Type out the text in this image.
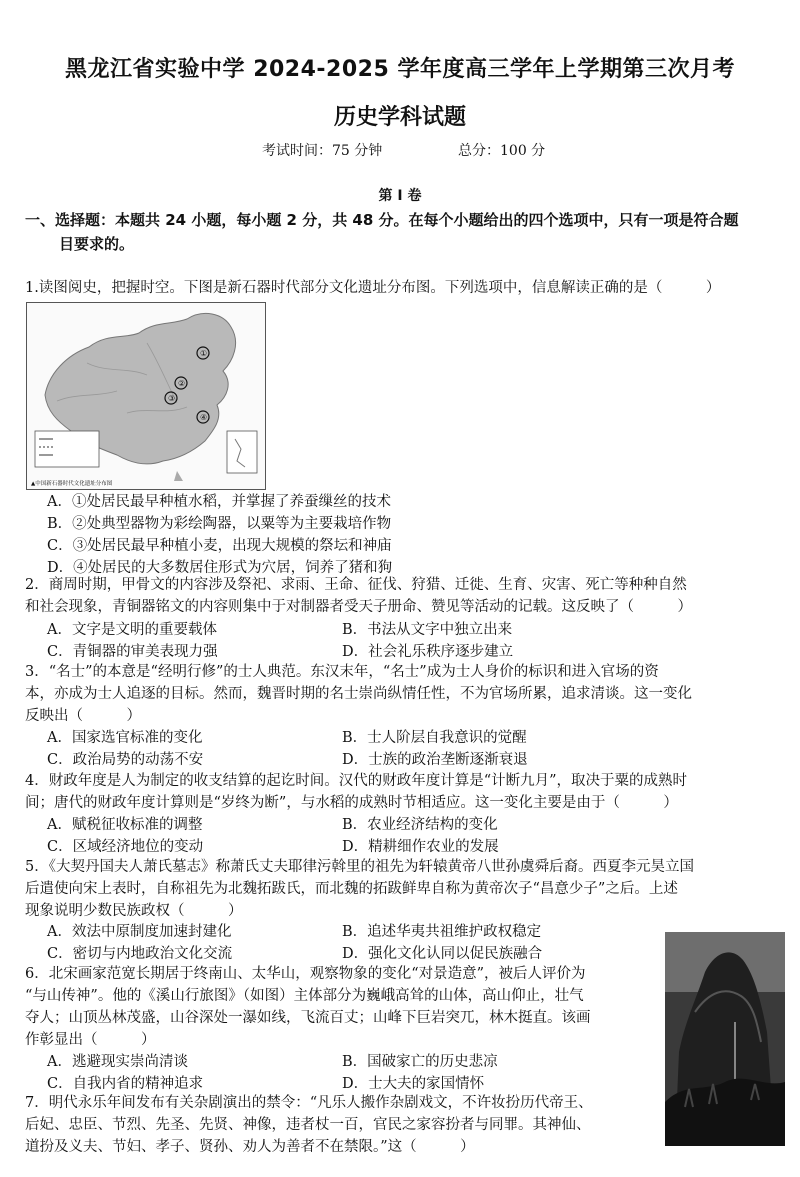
黑龙江省实验中学 2024-2025 学年度高三学年上学期第三次月考
历史学科试题
考试时间：75 分钟	总分：100 分
第 Ⅰ 卷
一、选择题：本题共 24 小题，每小题 2 分，共 48 分。在每个小题给出的四个选项中，只有一项是符合题
目要求的。
1.读图阅史，把握时空。下图是新石器时代部分文化遗址分布图。下列选项中，信息解读正确的是（　　　）
①
②
③
④
▲中国新石器时代文化遗址分布图
A．①处居民最早种植水稻，并掌握了养蚕缫丝的技术
B．②处典型器物为彩绘陶器，以粟等为主要栽培作物
C．③处居民最早种植小麦，出现大规模的祭坛和神庙
D．④处居民的大多数居住形式为穴居，饲养了猪和狗
2．商周时期，甲骨文的内容涉及祭祀、求雨、王命、征伐、狩猎、迁徙、生育、灾害、死亡等种种自然
和社会现象，青铜器铭文的内容则集中于对制器者受天子册命、赞见等活动的记载。这反映了（　　　）
A．文字是文明的重要载体	B．书法从文字中独立出来
C．青铜器的审美表现力强	D．社会礼乐秩序逐步建立
3．“名士”的本意是“经明行修”的士人典范。东汉末年，“名士”成为士人身价的标识和进入官场的资
本，亦成为士人追逐的目标。然而，魏晋时期的名士崇尚纵情任性，不为官场所累，追求清谈。这一变化
反映出（　　　）
A．国家选官标准的变化	B．士人阶层自我意识的觉醒
C．政治局势的动荡不安	D．士族的政治垄断逐渐衰退
4．财政年度是人为制定的收支结算的起讫时间。汉代的财政年度计算是“计断九月”，取决于粟的成熟时
间；唐代的财政年度计算则是“岁终为断”，与水稻的成熟时节相适应。这一变化主要是由于（　　　）
A．赋税征收标准的调整	B．农业经济结构的变化
C．区域经济地位的变动	D．精耕细作农业的发展
5．《大契丹国夫人萧氏墓志》称萧氏丈夫耶律污斡里的祖先为轩辕黄帝八世孙虞舜后裔。西夏李元昊立国
后遣使向宋上表时，自称祖先为北魏拓跋氏，而北魏的拓跋鲜卑自称为黄帝次子“昌意少子”之后。上述
现象说明少数民族政权（　　　）
A．效法中原制度加速封建化	B．追述华夷共祖维护政权稳定
C．密切与内地政治文化交流	D．强化文化认同以促民族融合
6．北宋画家范宽长期居于终南山、太华山，观察物象的变化“对景造意”，被后人评价为
“与山传神”。他的《溪山行旅图》（如图）主体部分为巍峨高耸的山体，高山仰止，壮气
夺人；山顶丛林茂盛，山谷深处一瀑如线，飞流百丈；山峰下巨岩突兀，林木挺直。该画
作彰显出（　　　）
A．逃避现实崇尚清谈	B．国破家亡的历史悲凉
C．自我内省的精神追求	D．士大夫的家国情怀
7．明代永乐年间发布有关杂剧演出的禁令：“凡乐人搬作杂剧戏文，不许妆扮历代帝王、
后妃、忠臣、节烈、先圣、先贤、神像，违者杖一百，官民之家容扮者与同罪。其神仙、
道扮及义夫、节妇、孝子、贤孙、劝人为善者不在禁限。”这（　　　）
